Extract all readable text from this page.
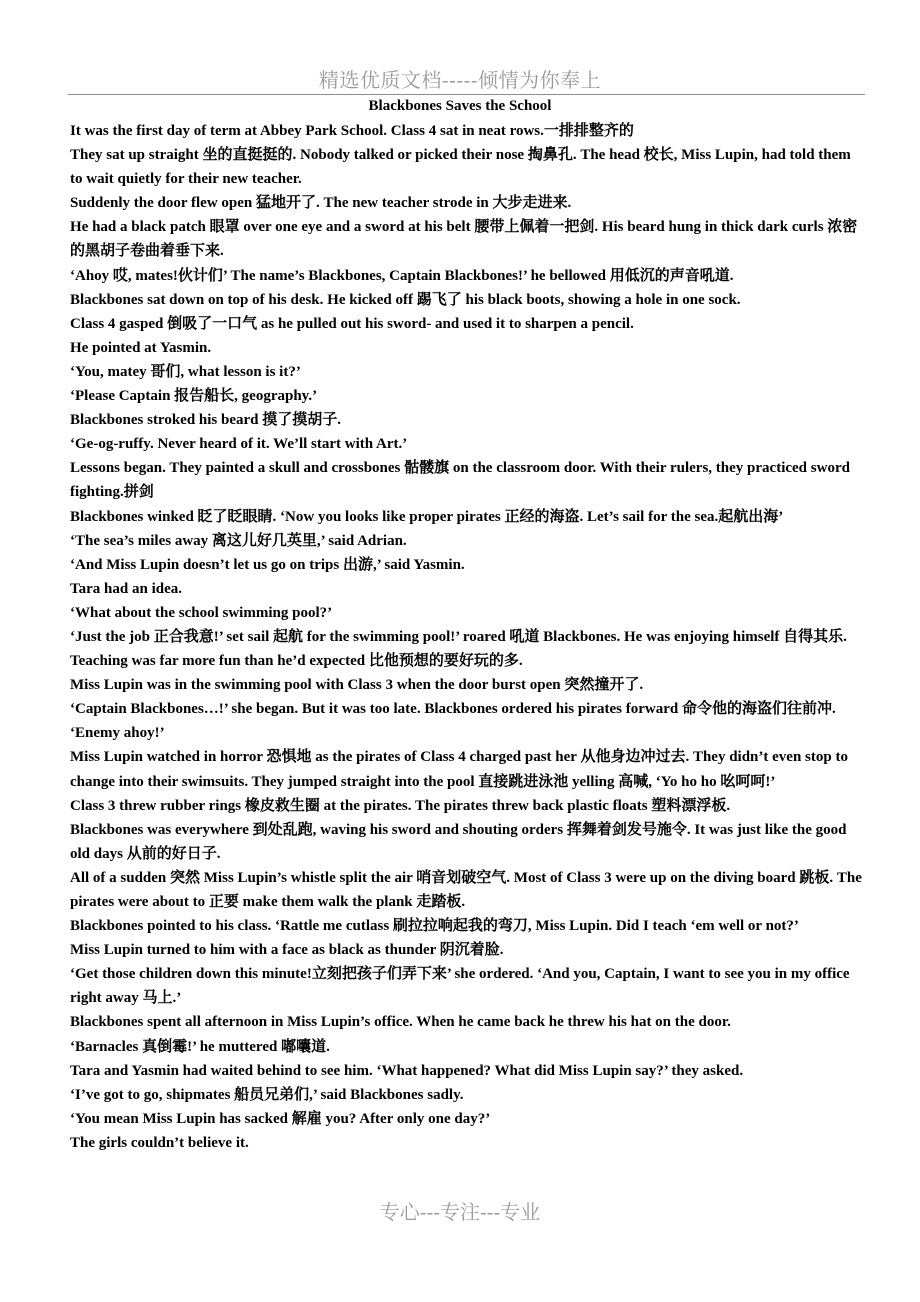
精选优质文档-----倾情为你奉上
Blackbones Saves the School
It was the first day of term at Abbey Park School. Class 4 sat in neat rows.一排排整齐的
They sat up straight 坐的直挺挺的. Nobody talked or picked their nose 掏鼻孔. The head 校长, Miss Lupin, had told them to wait quietly for their new teacher.
Suddenly the door flew open 猛地开了. The new teacher strode in 大步走进来.
He had a black patch 眼罩 over one eye and a sword at his belt 腰带上佩着一把剑. His beard hung in thick dark curls 浓密的黑胡子卷曲着垂下来.
‘Ahoy 哎, mates!伙计们’ The name’s Blackbones, Captain Blackbones!’ he bellowed 用低沉的声音吼道.
Blackbones sat down on top of his desk. He kicked off 踢飞了 his black boots, showing a hole in one sock.
Class 4 gasped 倒吸了一口气 as he pulled out his sword- and used it to sharpen a pencil.
He pointed at Yasmin.
‘You, matey 哥们, what lesson is it?’
‘Please Captain 报告船长, geography.’
Blackbones stroked his beard 摸了摸胡子.
‘Ge-og-ruffy. Never heard of it. We’ll start with Art.’
Lessons began. They painted a skull and crossbones 骷髅旗 on the classroom door. With their rulers, they practiced sword fighting.拼剑
Blackbones winked 眨了眨眼睛. ‘Now you looks like proper pirates 正经的海盗. Let’s sail for the sea.起航出海’
‘The sea’s miles away 离这儿好几英里,’ said Adrian.
‘And Miss Lupin doesn’t let us go on trips 出游,’ said Yasmin.
Tara had an idea.
‘What about the school swimming pool?’
‘Just the job 正合我意!’ set sail 起航 for the swimming pool!’ roared 吼道 Blackbones. He was enjoying himself 自得其乐. Teaching was far more fun than he’d expected 比他预想的要好玩的多.
Miss Lupin was in the swimming pool with Class 3 when the door burst open 突然撞开了.
‘Captain Blackbones…!’ she began. But it was too late. Blackbones ordered his pirates forward 命令他的海盗们往前冲. ‘Enemy ahoy!’
Miss Lupin watched in horror 恐惧地 as the pirates of Class 4 charged past her 从他身边冲过去. They didn’t even stop to change into their swimsuits. They jumped straight into the pool 直接跳进泳池 yelling 高喊, ‘Yo ho ho 吆呵呵!’
Class 3 threw rubber rings 橡皮救生圈 at the pirates. The pirates threw back plastic floats 塑料漂浮板.
Blackbones was everywhere 到处乱跑, waving his sword and shouting orders 挥舞着剑发号施令. It was just like the good old days 从前的好日子.
All of a sudden 突然 Miss Lupin’s whistle split the air 哨音划破空气. Most of Class 3 were up on the diving board 跳板. The pirates were about to 正要 make them walk the plank 走踏板.
Blackbones pointed to his class. ‘Rattle me cutlass 刷拉拉响起我的弯刀, Miss Lupin. Did I teach ‘em well or not?’
Miss Lupin turned to him with a face as black as thunder 阴沉着脸.
‘Get those children down this minute!立刻把孩子们弄下来’ she ordered. ‘And you, Captain, I want to see you in my office right away 马上.’
Blackbones spent all afternoon in Miss Lupin’s office. When he came back he threw his hat on the door.
‘Barnacles 真倒霉!’ he muttered 嘟囔道.
Tara and Yasmin had waited behind to see him. ‘What happened? What did Miss Lupin say?’ they asked.
‘I’ve got to go, shipmates 船员兄弟们,’ said Blackbones sadly.
‘You mean Miss Lupin has sacked 解雇 you? After only one day?’
The girls couldn’t believe it.
专心---专注---专业
